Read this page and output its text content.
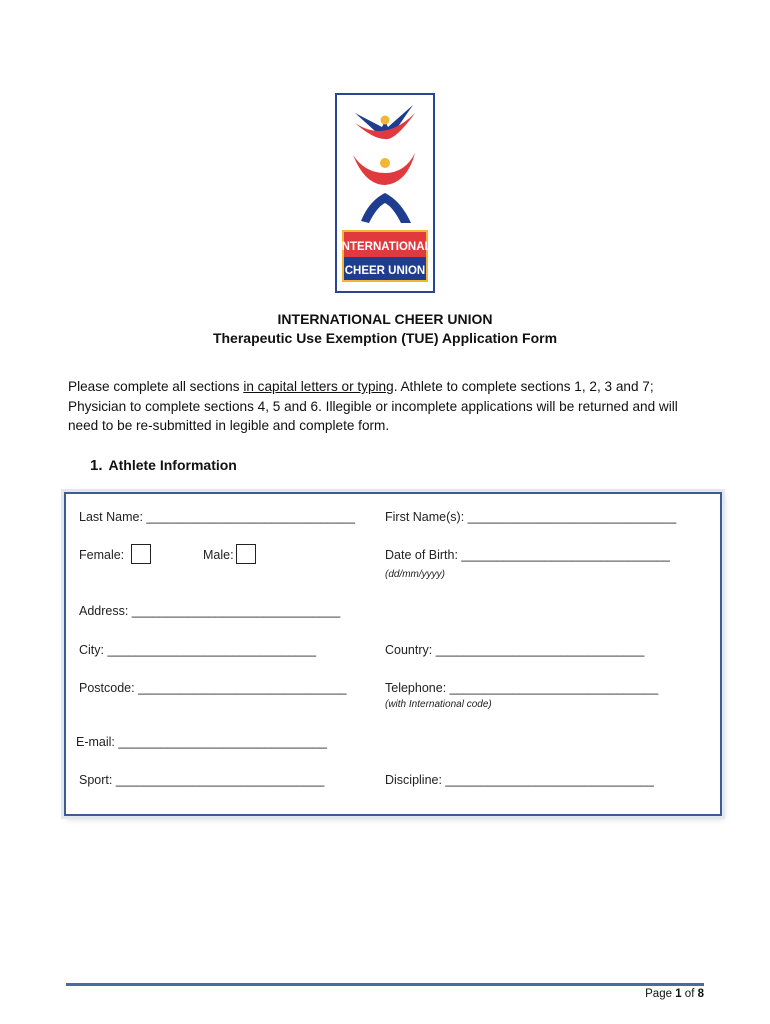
INTERNATIONAL
CHEER UNION
INTERNATIONAL CHEER UNION
Therapeutic Use Exemption (TUE) Application Form
Please complete all sections in capital letters or typing. Athlete to complete sections 1, 2, 3 and 7; Physician to complete sections 4, 5 and 6. Illegible or incomplete applications will be returned and will need to be re-submitted in legible and complete form.
1. Athlete Information
Last Name: ______________________________ First Name(s): ______________________________
Female:	Male:	Date of Birth: ______________________________
(dd/mm/yyyy)
Address: ______________________________
City: ______________________________	Country: ______________________________
Postcode: ______________________________	Telephone: ______________________________
(with International code)
E-mail: ______________________________
Sport: ______________________________	Discipline: ______________________________
Page 1 of 8
